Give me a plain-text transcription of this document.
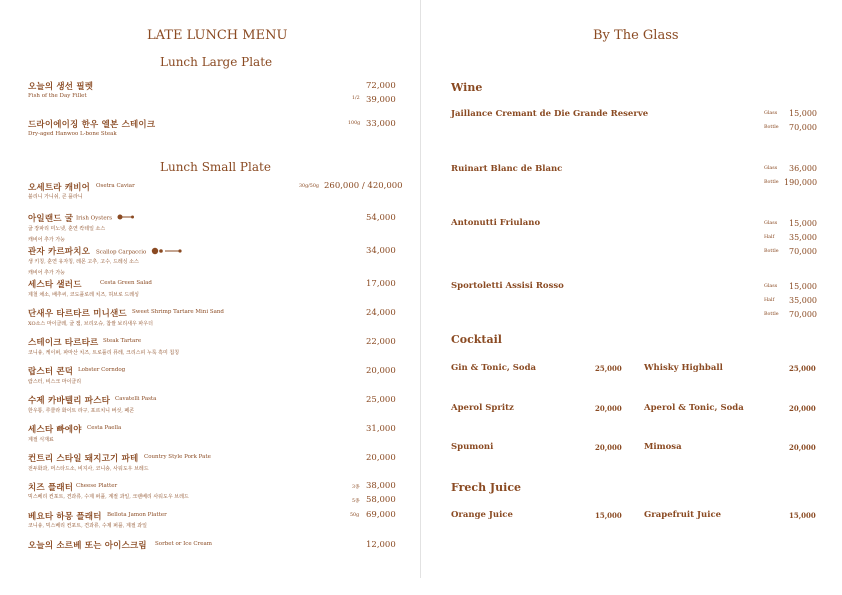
LATE LUNCH MENU
Lunch Large Plate
오늘의 생선 필렛	72,000
Fish of the Day Fillet	1/2 39,000
드라이에이징 한우 엘본 스테이크	100g 33,000
Dry-aged Hanwoo L-bone Steak
Lunch Small Plate
오세트라 캐비어 Osetra Caviar	30g/50g 260,000 / 420,000
블리니 가니쉬, 콘 플라니
아일랜드 굴 Irish Oysters	54,000
굴 장파리 미노넷, 훈연 칵테일 소스
캐비어 추가 가능
관자 카르파치오 Scallop Carpaccio	34,000
생 키칭, 훈연 유자칭, 레몬 고추, 고수, 드레싱 소스
캐비어 추가 가능
세스타 샐러드	Cesta Green Salad	17,000
제철 채소, 배추씨, 코도플로레 치즈, 허브로 드레싱
단새우 타르타르 미니샌드 Sweet Shrimp Tartare Mini Sand	24,000
XO소스 마이클레, 굴 잼, 브리오슈, 찹쌀 보리새우 파우더
스테이크 타르타르 Steak Tartare	22,000
코니숑, 케이퍼, 파마산 치즈, 트로플리 퓨레, 크리스피 누룩 흑미 칩칭
랍스터 콘덕 Lobster Corndog	20,000
랍스터, 비스크 마이클리
수제 카바텔리 파스타 Cavatelli Pasta	25,000
한우통, 루쿨라 화이트 라구, 포르치니 버섯, 페콘
세스타 빠에야 Cesta Paella	31,000
계절 식재료
컨트리 스타일 돼지고기 파테 Country Style Pork Pate	20,000
전두화과, 머스타드소, 비지사, 코니숑, 사워도우 브레드
치즈 플래터 Cheese Platter	3종 38,000
믹스베리 컨포트, 견과류, 수제 퍼플, 계절 과일, 크랜베리 사워도우 브레드
5종 58,000
베요타 하몽 플래터 Bellota Jamon Platter	50g 69,000
코니숑, 믹스베리 컨포트, 견과류, 수제 퍼플, 계절 과일
오늘의 소르베 또는 아이스크림 Sorbet or Ice Cream	12,000
By The Glass
Wine
Jaillance Cremant de Die Grande Reserve	Glass 15,000
Bottle 70,000
Ruinart Blanc de Blanc	Glass 36,000
Bottle 190,000
Antonutti Friulano	Glass 15,000
Half 35,000
Bottle 70,000
Sportoletti Assisi Rosso	Glass 15,000
Half 35,000
Bottle 70,000
Cocktail
Gin & Tonic, Soda	25,000	Whisky Highball	25,000
Aperol Spritz	20,000	Aperol & Tonic, Soda	20,000
Spumoni	20,000	Mimosa	20,000
Frech Juice
Orange Juice	15,000	Grapefruit Juice	15,000
